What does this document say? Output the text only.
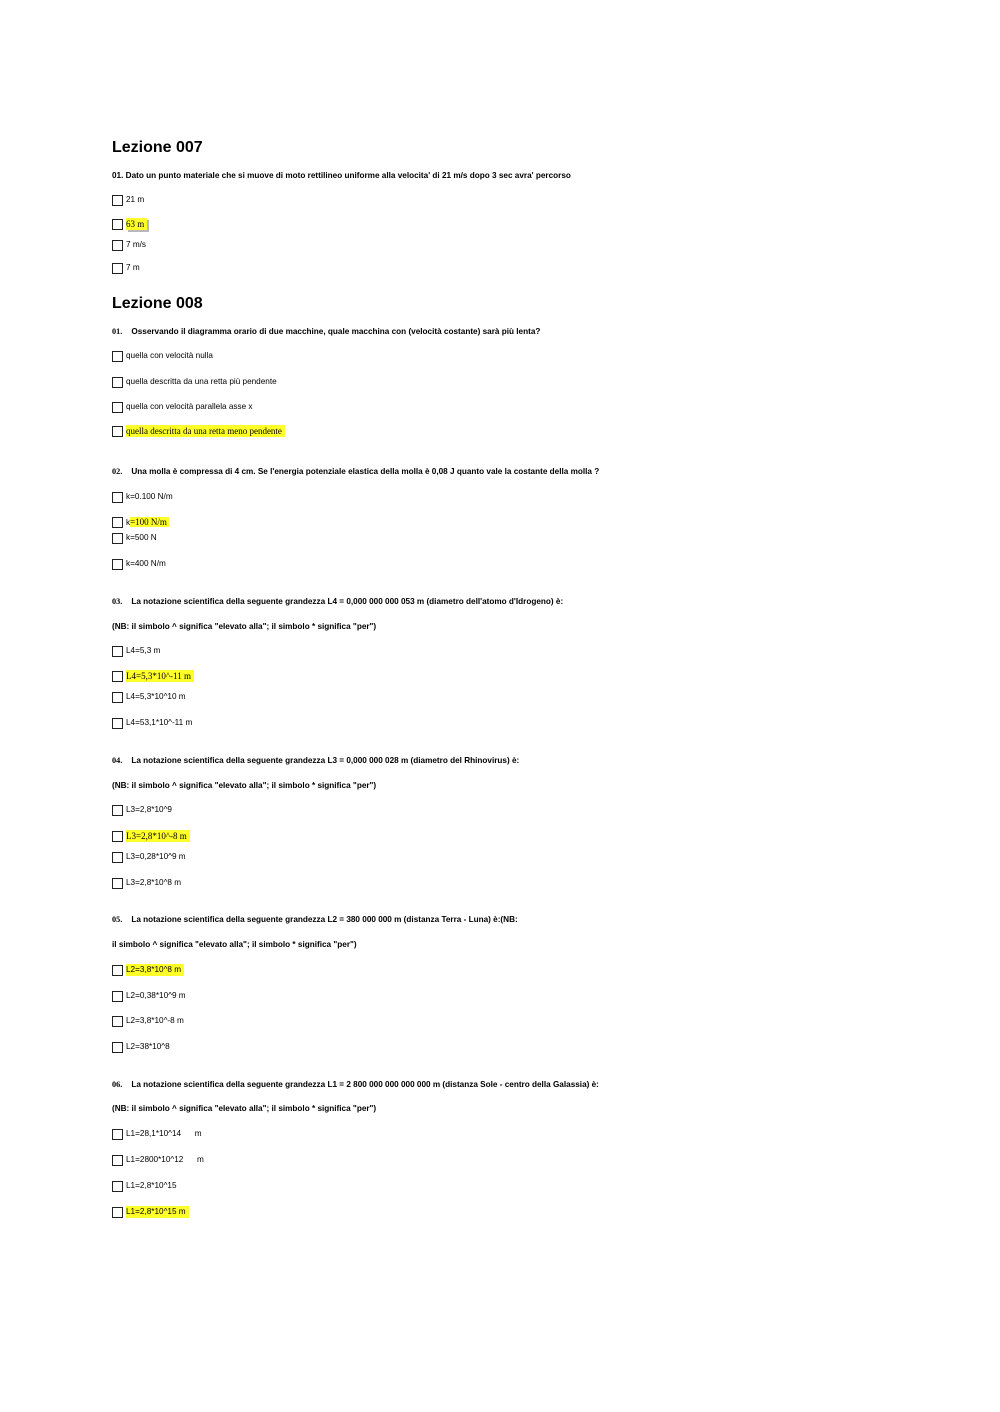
Lezione 007
01. Dato un punto materiale che si muove di moto rettilineo uniforme alla velocita' di 21 m/s dopo 3 sec avra' percorso
21 m
63 m
7 m/s
7 m
Lezione 008
01. Osservando il diagramma orario di due macchine, quale macchina con (velocità costante) sarà più lenta?
quella con velocità nulla
quella descritta da una retta più pendente
quella con velocità parallela asse x
quella descritta da una retta meno pendente
02. Una molla è compressa di 4 cm. Se l'energia potenziale elastica della molla è 0,08 J quanto vale la costante della molla ?
k=0.100 N/m
k=100 N/m
k=500 N
k=400 N/m
03. La notazione scientifica della seguente grandezza L4 = 0,000 000 000 053 m (diametro dell'atomo d'Idrogeno) è:
(NB: il simbolo ^ significa "elevato alla"; il simbolo * significa "per")
L4=5,3 m
L4=5,3*10^-11 m
L4=5,3*10^10 m
L4=53,1*10^-11 m
04. La notazione scientifica della seguente grandezza L3 = 0,000 000 028 m (diametro del Rhinovirus) è:
(NB: il simbolo ^ significa "elevato alla"; il simbolo * significa "per")
L3=2,8*10^9
L3=2,8*10^-8 m
L3=0,28*10^9 m
L3=2,8*10^8 m
05. La notazione scientifica della seguente grandezza L2 = 380 000 000 m (distanza Terra - Luna) è:(NB:
il simbolo ^ significa "elevato alla"; il simbolo * significa "per")
L2=3,8*10^8 m
L2=0,38*10^9 m
L2=3,8*10^-8 m
L2=38*10^8
06. La notazione scientifica della seguente grandezza L1 = 2 800 000 000 000 000 m (distanza Sole - centro della Galassia) è:
(NB: il simbolo ^ significa "elevato alla"; il simbolo * significa "per")
L1=28,1*10^14      m
L1=2800*10^12      m
L1=2,8*10^15
L1=2,8*10^15 m
